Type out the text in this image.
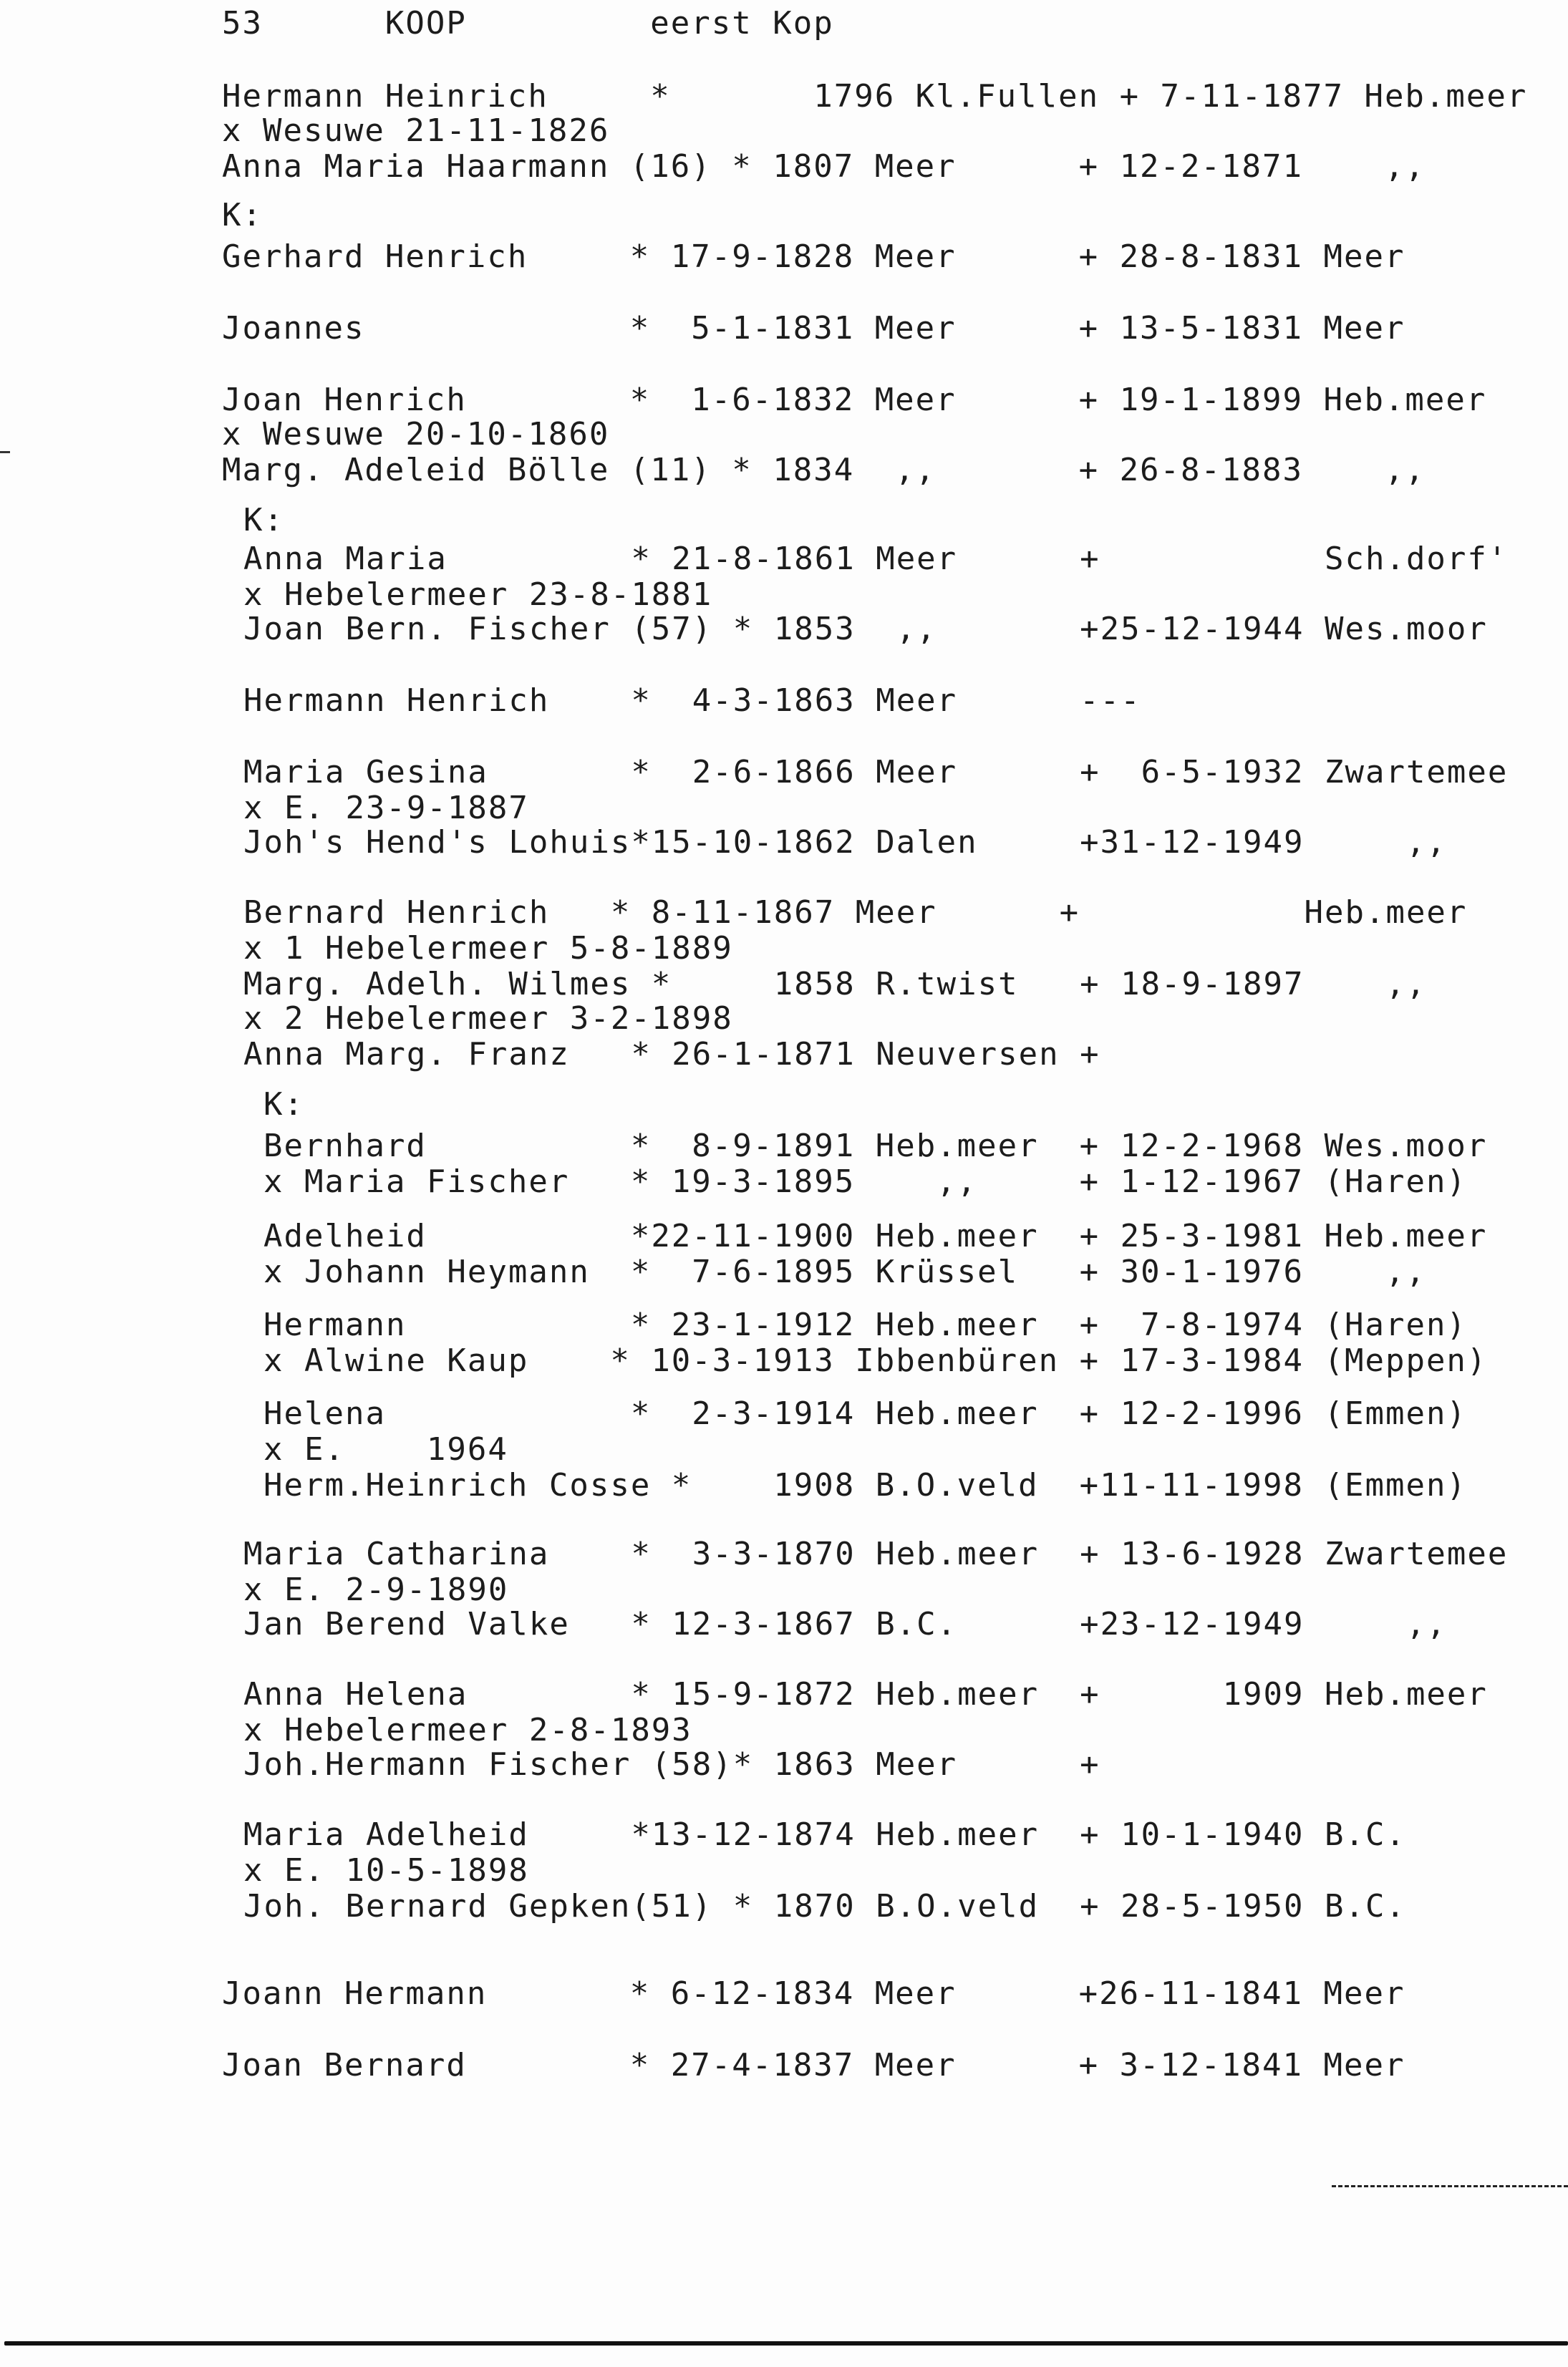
53      KOOP         eerst Kop
Hermann Heinrich     *       1796 Kl.Fullen + 7-11-1877 Heb.meer
x Wesuwe 21-11-1826
Anna Maria Haarmann (16) * 1807 Meer      + 12-2-1871    ,,
K:
Gerhard Henrich     * 17-9-1828 Meer      + 28-8-1831 Meer
Joannes             *  5-1-1831 Meer      + 13-5-1831 Meer
Joan Henrich        *  1-6-1832 Meer      + 19-1-1899 Heb.meer
x Wesuwe 20-10-1860
Marg. Adeleid Bölle (11) * 1834  ,,       + 26-8-1883    ,,
K:
Anna Maria         * 21-8-1861 Meer      +           Sch.dorf'
x Hebelermeer 23-8-1881
Joan Bern. Fischer (57) * 1853  ,,       +25-12-1944 Wes.moor
Hermann Henrich    *  4-3-1863 Meer      ---
Maria Gesina       *  2-6-1866 Meer      +  6-5-1932 Zwartemee
x E. 23-9-1887
Joh's Hend's Lohuis*15-10-1862 Dalen     +31-12-1949     ,,
Bernard Henrich   * 8-11-1867 Meer      +           Heb.meer
x 1 Hebelermeer 5-8-1889
Marg. Adelh. Wilmes *     1858 R.twist   + 18-9-1897    ,,
x 2 Hebelermeer 3-2-1898
Anna Marg. Franz   * 26-1-1871 Neuversen +
K:
Bernhard          *  8-9-1891 Heb.meer  + 12-2-1968 Wes.moor
x Maria Fischer   * 19-3-1895    ,,     + 1-12-1967 (Haren)
Adelheid          *22-11-1900 Heb.meer  + 25-3-1981 Heb.meer
x Johann Heymann  *  7-6-1895 Krüssel   + 30-1-1976    ,,
Hermann           * 23-1-1912 Heb.meer  +  7-8-1974 (Haren)
x Alwine Kaup    * 10-3-1913 Ibbenbüren + 17-3-1984 (Meppen)
Helena            *  2-3-1914 Heb.meer  + 12-2-1996 (Emmen)
x E.    1964
Herm.Heinrich Cosse *    1908 B.O.veld  +11-11-1998 (Emmen)
Maria Catharina    *  3-3-1870 Heb.meer  + 13-6-1928 Zwartemee
x E. 2-9-1890
Jan Berend Valke   * 12-3-1867 B.C.      +23-12-1949     ,,
Anna Helena        * 15-9-1872 Heb.meer  +      1909 Heb.meer
x Hebelermeer 2-8-1893
Joh.Hermann Fischer (58)* 1863 Meer      +
Maria Adelheid     *13-12-1874 Heb.meer  + 10-1-1940 B.C.
x E. 10-5-1898
Joh. Bernard Gepken(51) * 1870 B.O.veld  + 28-5-1950 B.C.
Joann Hermann       * 6-12-1834 Meer      +26-11-1841 Meer
Joan Bernard        * 27-4-1837 Meer      + 3-12-1841 Meer
